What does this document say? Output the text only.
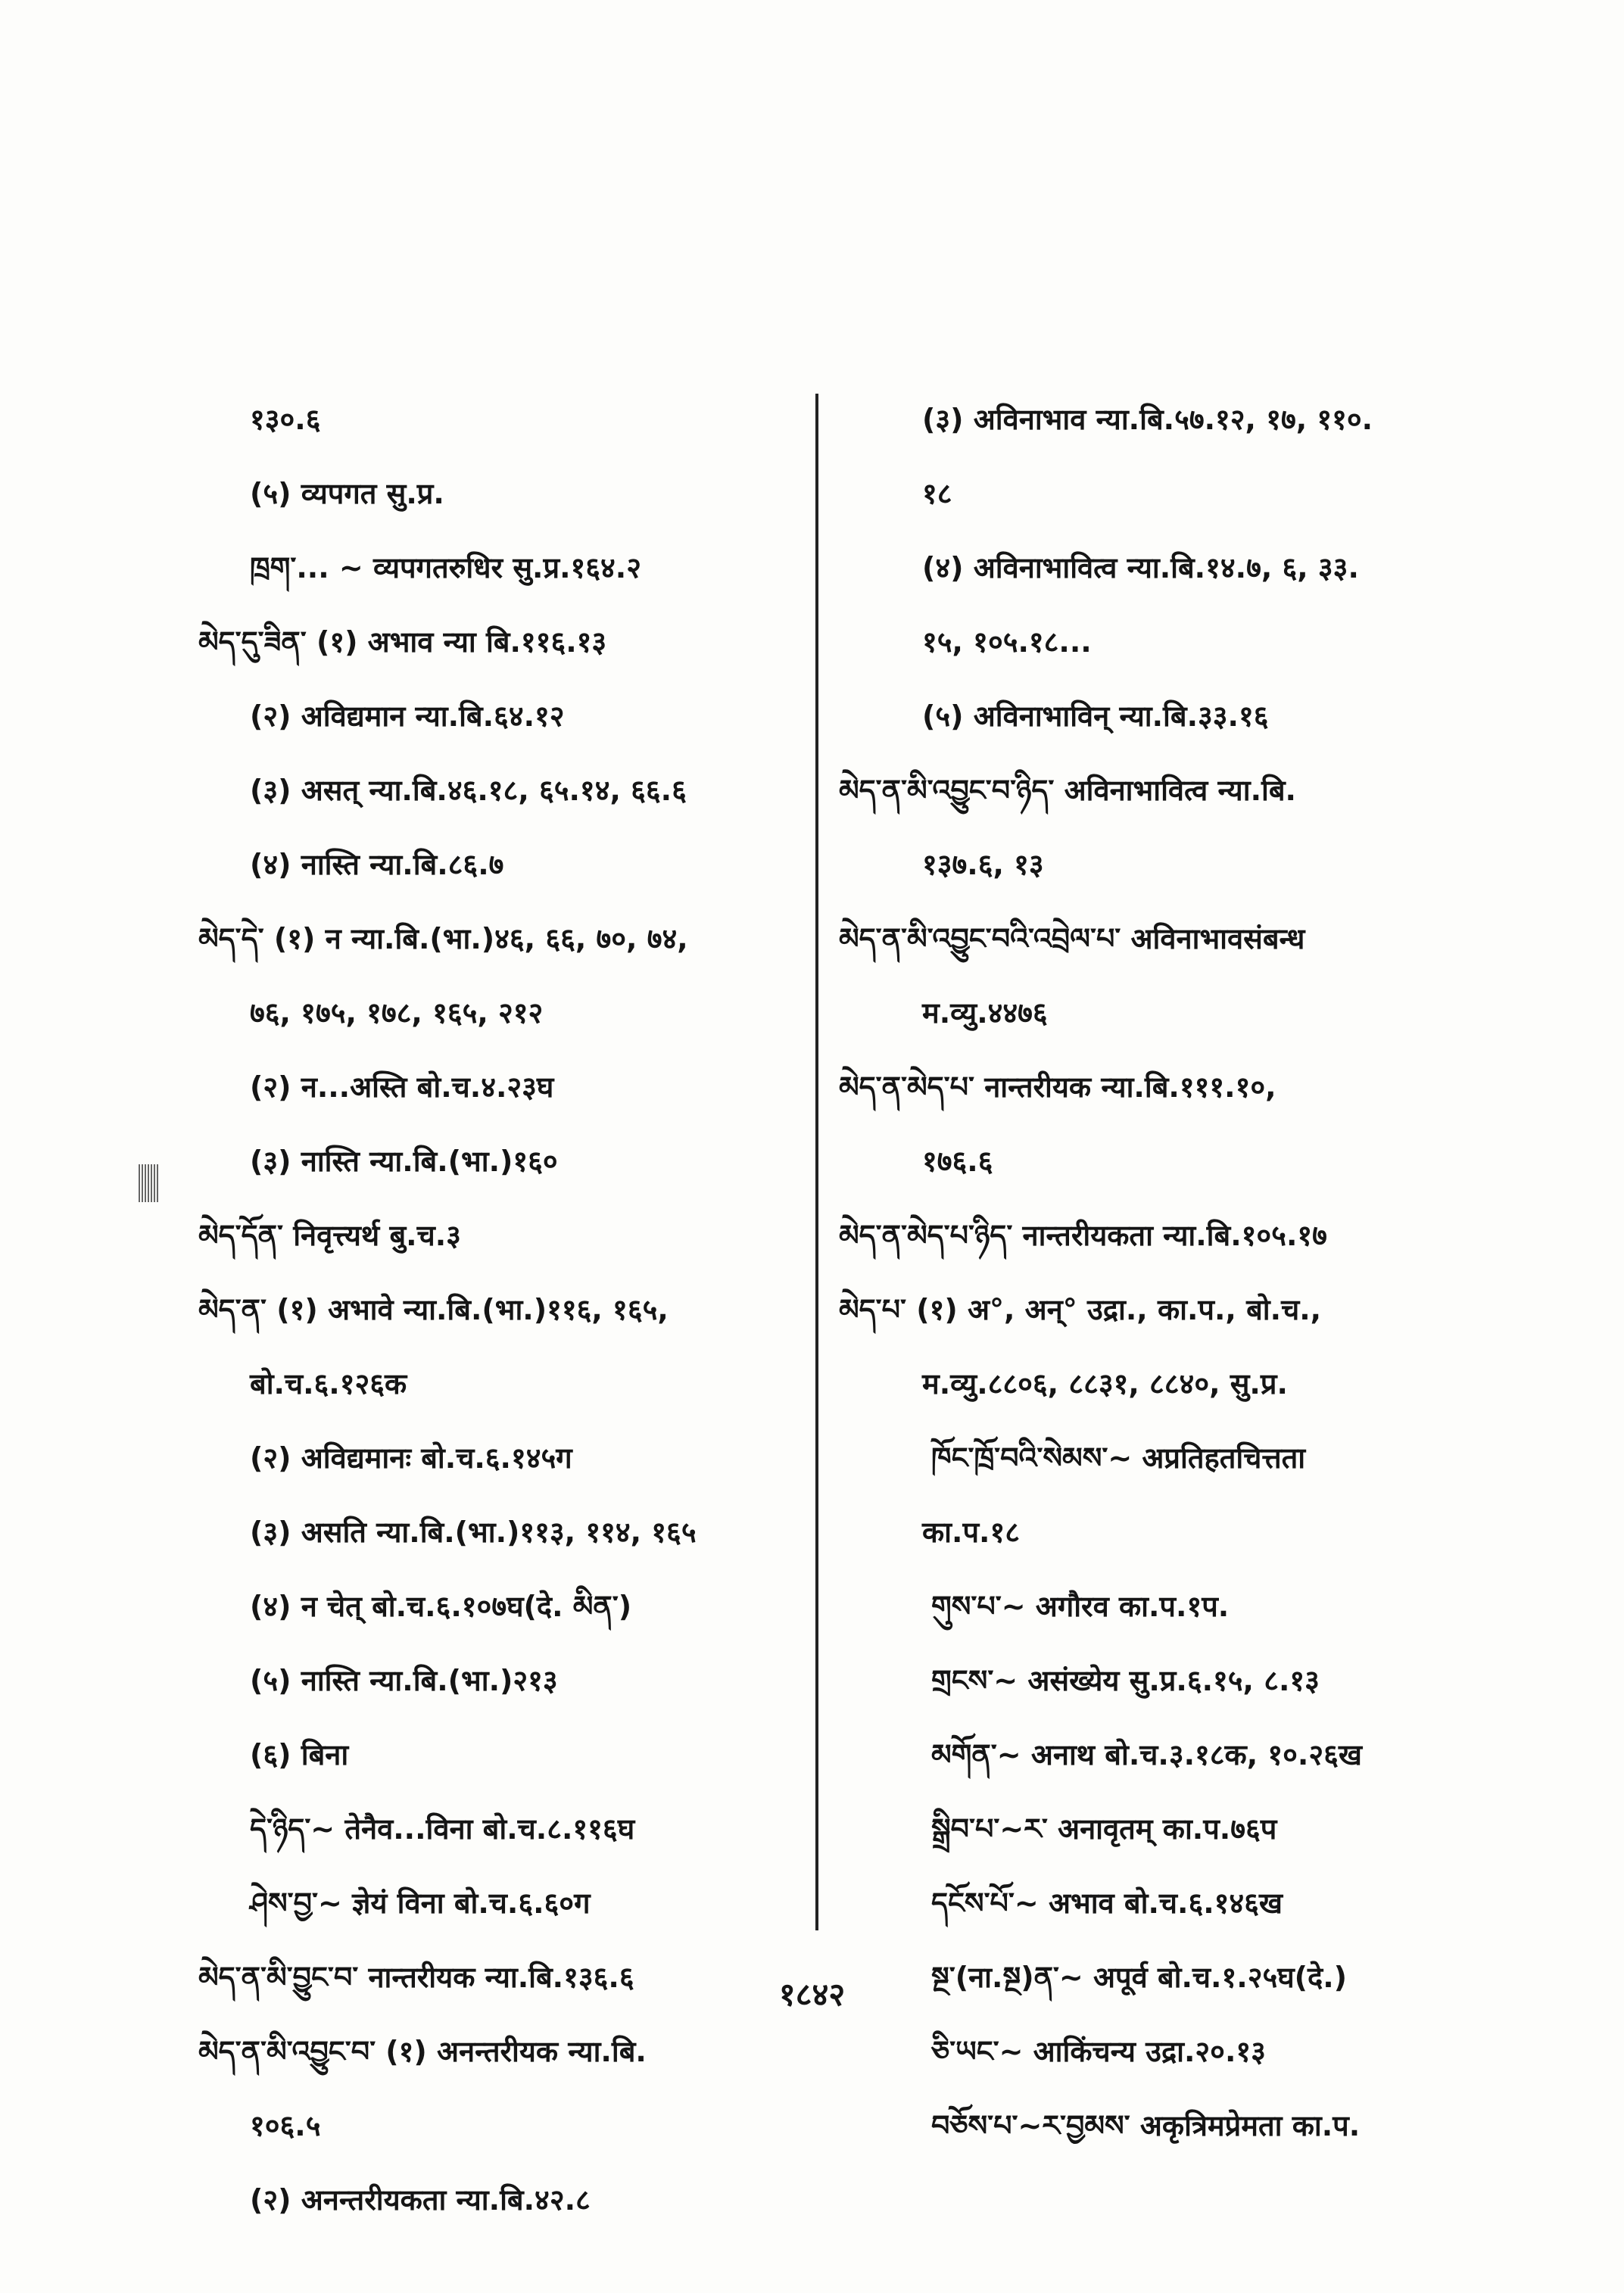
१३०.६
(५) व्यपगत सु.प्र.
ཁྲག་... ~ व्यपगतरुधिर सु.प्र.१६४.२
མེད་དུ་ཟིན་ (१) अभाव न्या बि.११६.१३
(२) अविद्यमान न्या.बि.६४.१२
(३) असत् न्या.बि.४६.१८, ६५.१४, ६६.६
(४) नास्ति न्या.बि.८६.७
མེད་དེ་ (१) न न्या.बि.(भा.)४६, ६६, ७०, ७४,
७६, १७५, १७८, १६५, २१२
(२) न...अस्ति बो.च.४.२३घ
(३) नास्ति न्या.बि.(भा.)१६०
མེད་དོན་ निवृत्त्यर्थ बु.च.३
མེད་ན་ (१) अभावे न्या.बि.(भा.)११६, १६५,
बो.च.६.१२६क
(२) अविद्यमानः बो.च.६.१४५ग
(३) असति न्या.बि.(भा.)११३, ११४, १६५
(४) न चेत् बो.च.६.१०७घ(दे. མིན་)
(५) नास्ति न्या.बि.(भा.)२१३
(६) बिना
དེ་ཉིད་~ तेनैव...विना बो.च.८.११६घ
ཤེས་བྱ་~ ज्ञेयं विना बो.च.६.६०ग
མེད་ན་མི་བྱུང་བ་ नान्तरीयक न्या.बि.१३६.६
མེད་ན་མི་འབྱུང་བ་ (१) अनन्तरीयक न्या.बि.
१०६.५
(२) अनन्तरीयकता न्या.बि.४२.८
(३) अविनाभाव न्या.बि.५७.१२, १७, ११०.
१८
(४) अविनाभावित्व न्या.बि.१४.७, ६, ३३.
१५, १०५.१८...
(५) अविनाभाविन् न्या.बि.३३.१६
མེད་ན་མི་འབྱུང་བ་ཉིད་ अविनाभावित्व न्या.बि.
१३७.६, १३
མེད་ན་མི་འབྱུང་བའི་འབྲེལ་པ་ अविनाभावसंबन्ध
म.व्यु.४४७६
མེད་ན་མེད་པ་ नान्तरीयक न्या.बि.१११.१०,
१७६.६
མེད་ན་མེད་པ་ཉིད་ नान्तरीयकता न्या.बि.१०५.१७
མེད་པ་ (१) अ°, अन्° उद्रा., का.प., बो.च.,
म.व्यु.८८०६, ८८३१, ८८४०, सु.प्र.
ཁོང་ཁྲོ་བའི་སེམས་~ अप्रतिहतचित्तता
का.प.१८
གུས་པ་~ अगौरव का.प.१प.
གྲངས་~ असंख्येय सु.प्र.६.१५, ८.१३
མགོན་~ अनाथ बो.च.३.१८क, १०.२६ख
སྒྲིབ་པ་~ར་ अनावृतम् का.प.७६प
དངོས་པོ་~ अभाव बो.च.६.१४६ख
སྔ་(ना.སྔ)ན་~ अपूर्व बो.च.१.२५घ(दे.)
ཅི་ཡང་~ आकिंचन्य उद्रा.२०.१३
བཅོས་པ་~ར་བྱམས་ अकृत्रिमप्रेमता का.प.
१८४२
